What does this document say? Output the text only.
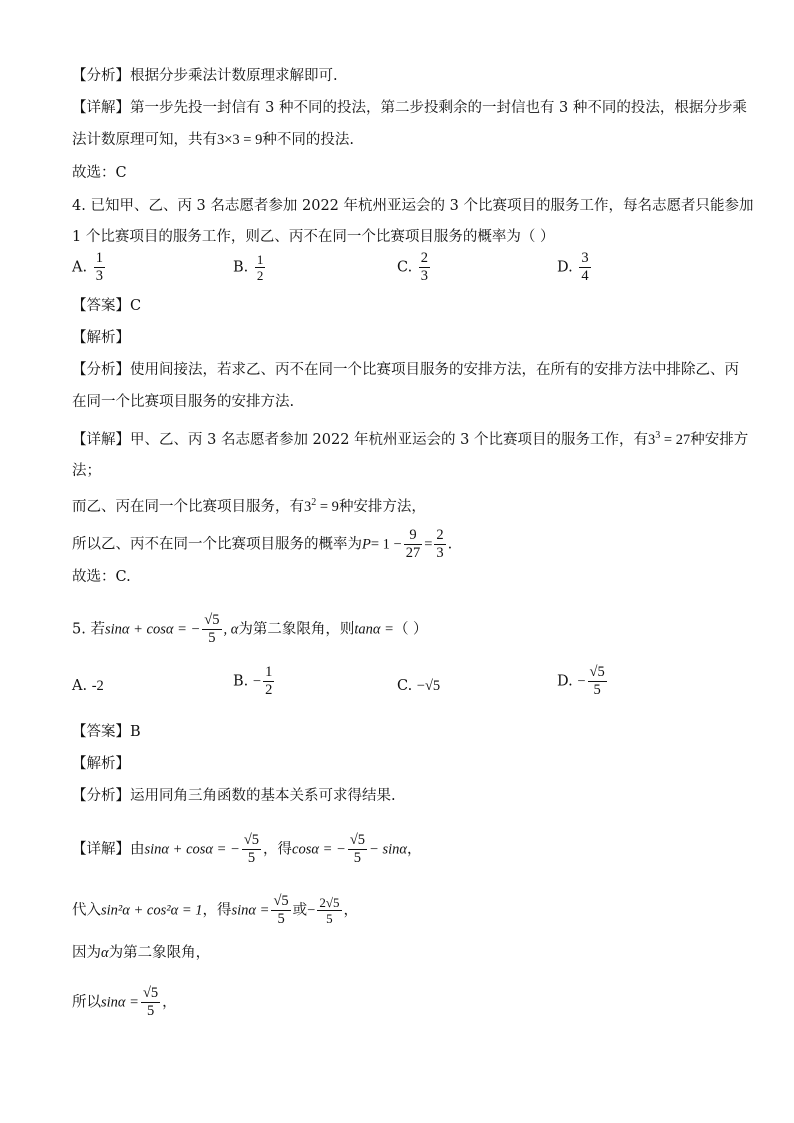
【分析】根据分步乘法计数原理求解即可.
【详解】第一步先投一封信有 3 种不同的投法，第二步投剩余的一封信也有 3 种不同的投法，根据分步乘
法计数原理可知，共有3×3 = 9种不同的投法.
故选：C
4. 已知甲、乙、丙 3 名志愿者参加 2022 年杭州亚运会的 3 个比赛项目的服务工作，每名志愿者只能参加
1 个比赛项目的服务工作，则乙、丙不在同一个比赛项目服务的概率为（ ）
A. $\frac{1}{3}$	B. $\frac{1}{2}$	C. $\frac{2}{3}$	D. $\frac{3}{4}$
【答案】C
【解析】
【分析】使用间接法，若求乙、丙不在同一个比赛项目服务的安排方法，在所有的安排方法中排除乙、丙
在同一个比赛项目服务的安排方法.
【详解】甲、乙、丙 3 名志愿者参加 2022 年杭州亚运会的 3 个比赛项目的服务工作，有$3^3 = 27$种安排方
法；
而乙、丙在同一个比赛项目服务，有$3^2 = 9$种安排方法，
所以乙、丙不在同一个比赛项目服务的概率为$P= 1 - \frac{9}{27} = \frac{2}{3}$ .
故选：C.
5. 若sinα + cosα = − $\frac{√5}{5}$ , α为第二象限角，则tanα =（ ）
A. -2	B. − $\frac{1}{2}$	C. −√5	D. − $\frac{√5}{5}$
【答案】B
【解析】
【分析】运用同角三角函数的基本关系可求得结果.
【详解】由sinα + cosα = − $\frac{√5}{5}$ ，得cosα = − $\frac{√5}{5} - \sin\alpha$，
代入sin²α + cos²α = 1，得$\sin\alpha = \frac{√5}{5}$ 或− $\frac{2√5}{5}$ ，
因为α为第二象限角，
所以$\sin\alpha = \frac{√5}{5}$ ，
